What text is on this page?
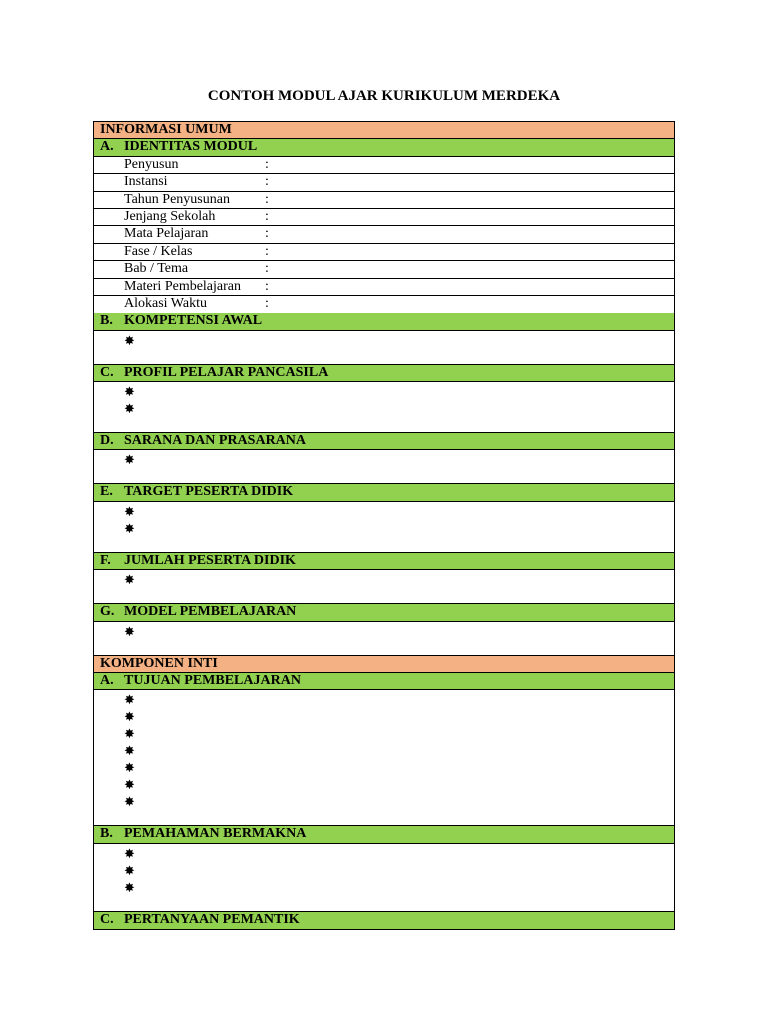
CONTOH MODUL AJAR KURIKULUM MERDEKA
INFORMASI UMUM
A. IDENTITAS MODUL
Penyusun	:
Instansi	:
Tahun Penyusunan	:
Jenjang Sekolah	:
Mata Pelajaran	:
Fase / Kelas	:
Bab / Tema	:
Materi Pembelajaran :
Alokasi Waktu	:
B. KOMPETENSI AWAL
✸
C. PROFIL PELAJAR PANCASILA
✸
✸
D. SARANA DAN PRASARANA
✸
E. TARGET PESERTA DIDIK
✸
✸
F. JUMLAH PESERTA DIDIK
✸
G. MODEL PEMBELAJARAN
✸
KOMPONEN INTI
A. TUJUAN PEMBELAJARAN
✸
✸
✸
✸
✸
✸
✸
B. PEMAHAMAN BERMAKNA
✸
✸
✸
C. PERTANYAAN PEMANTIK
